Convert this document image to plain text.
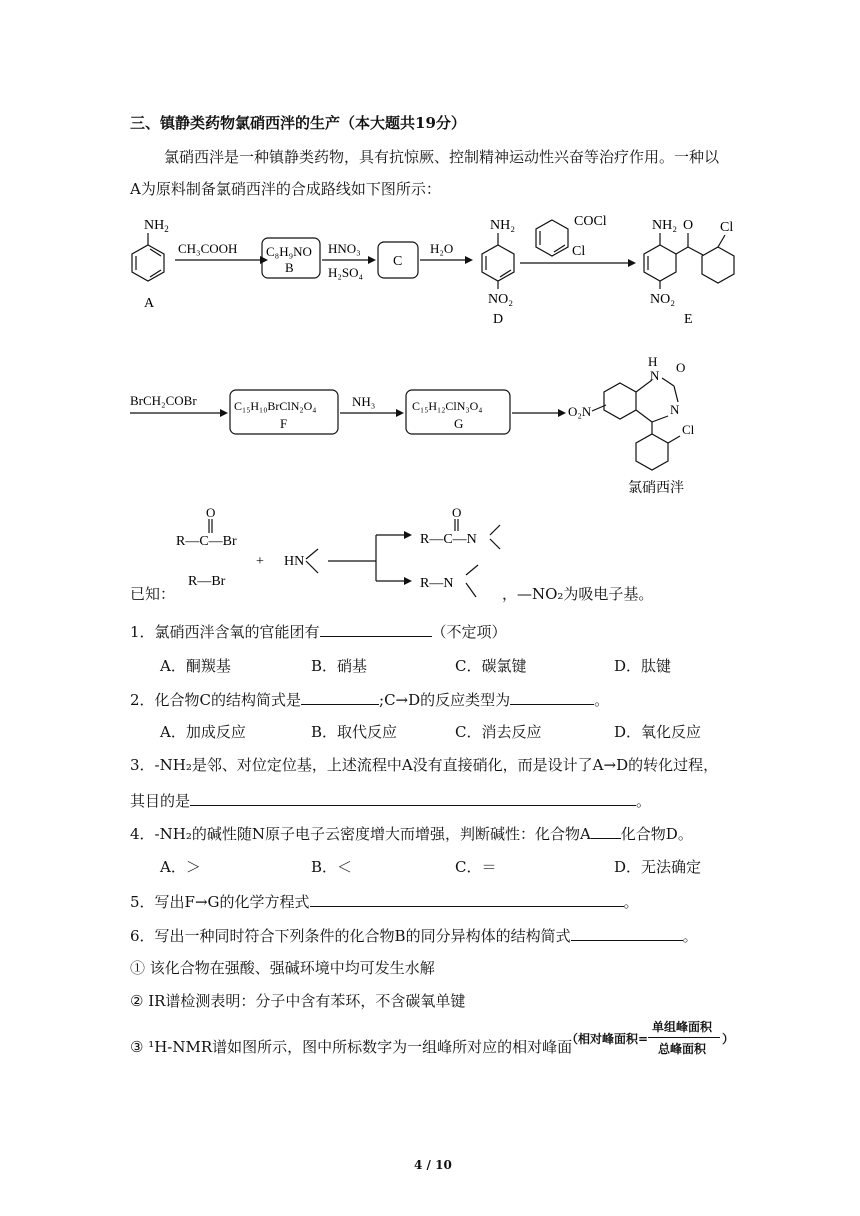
三、镇静类药物氯硝西泮的生产（本大题共19分）
氯硝西泮是一种镇静类药物，具有抗惊厥、控制精神运动性兴奋等治疗作用。一种以
A为原料制备氯硝西泮的合成路线如下图所示：
$NH_2$
A
CH₃COOH C₈H₉NO
B
HNO₃
H₂SO₄
C
H₂O
NH₂
NO₂
D
COCl
Cl
NH₂ O Cl
NO₂
E
BrCH₂COBr	C₁₅H₁₀BrClN₂O₄
F
NH₃	C₁₅H₁₂ClN₃O₄
G
O₂N
H
N
O
N
Cl
氯硝西泮
O
R—C—Br
R—Br
+ HN
O
R—C—N
R—N
已知：	，—NO₂为吸电子基。
1．氯硝西泮含氧的官能团有	（不定项）
A．酮羰基	B．硝基	C．碳氯键	D．肽键
2．化合物C的结构简式是	;C→D的反应类型为	。
A．加成反应	B．取代反应	C．消去反应	D．氧化反应
3．-NH₂是邻、对位定位基，上述流程中A没有直接硝化，而是设计了A→D的转化过程，
其目的是	。
4．-NH₂的碱性随N原子电子云密度增大而增强，判断碱性：化合物A 化合物D。
A．＞	B．＜	C．＝	D．无法确定
5．写出F→G的化学方程式	。
6．写出一种同时符合下列条件的化合物B的同分异构体的结构简式	。
① 该化合物在强酸、强碱环境中均可发生水解
② IR谱检测表明：分子中含有苯环，不含碳氧单键
③ ¹H-NMR谱如图所示，图中所标数字为一组峰所对应的相对峰面
（相对峰面积=
单组峰面积
总峰面积
）
4 / 10
